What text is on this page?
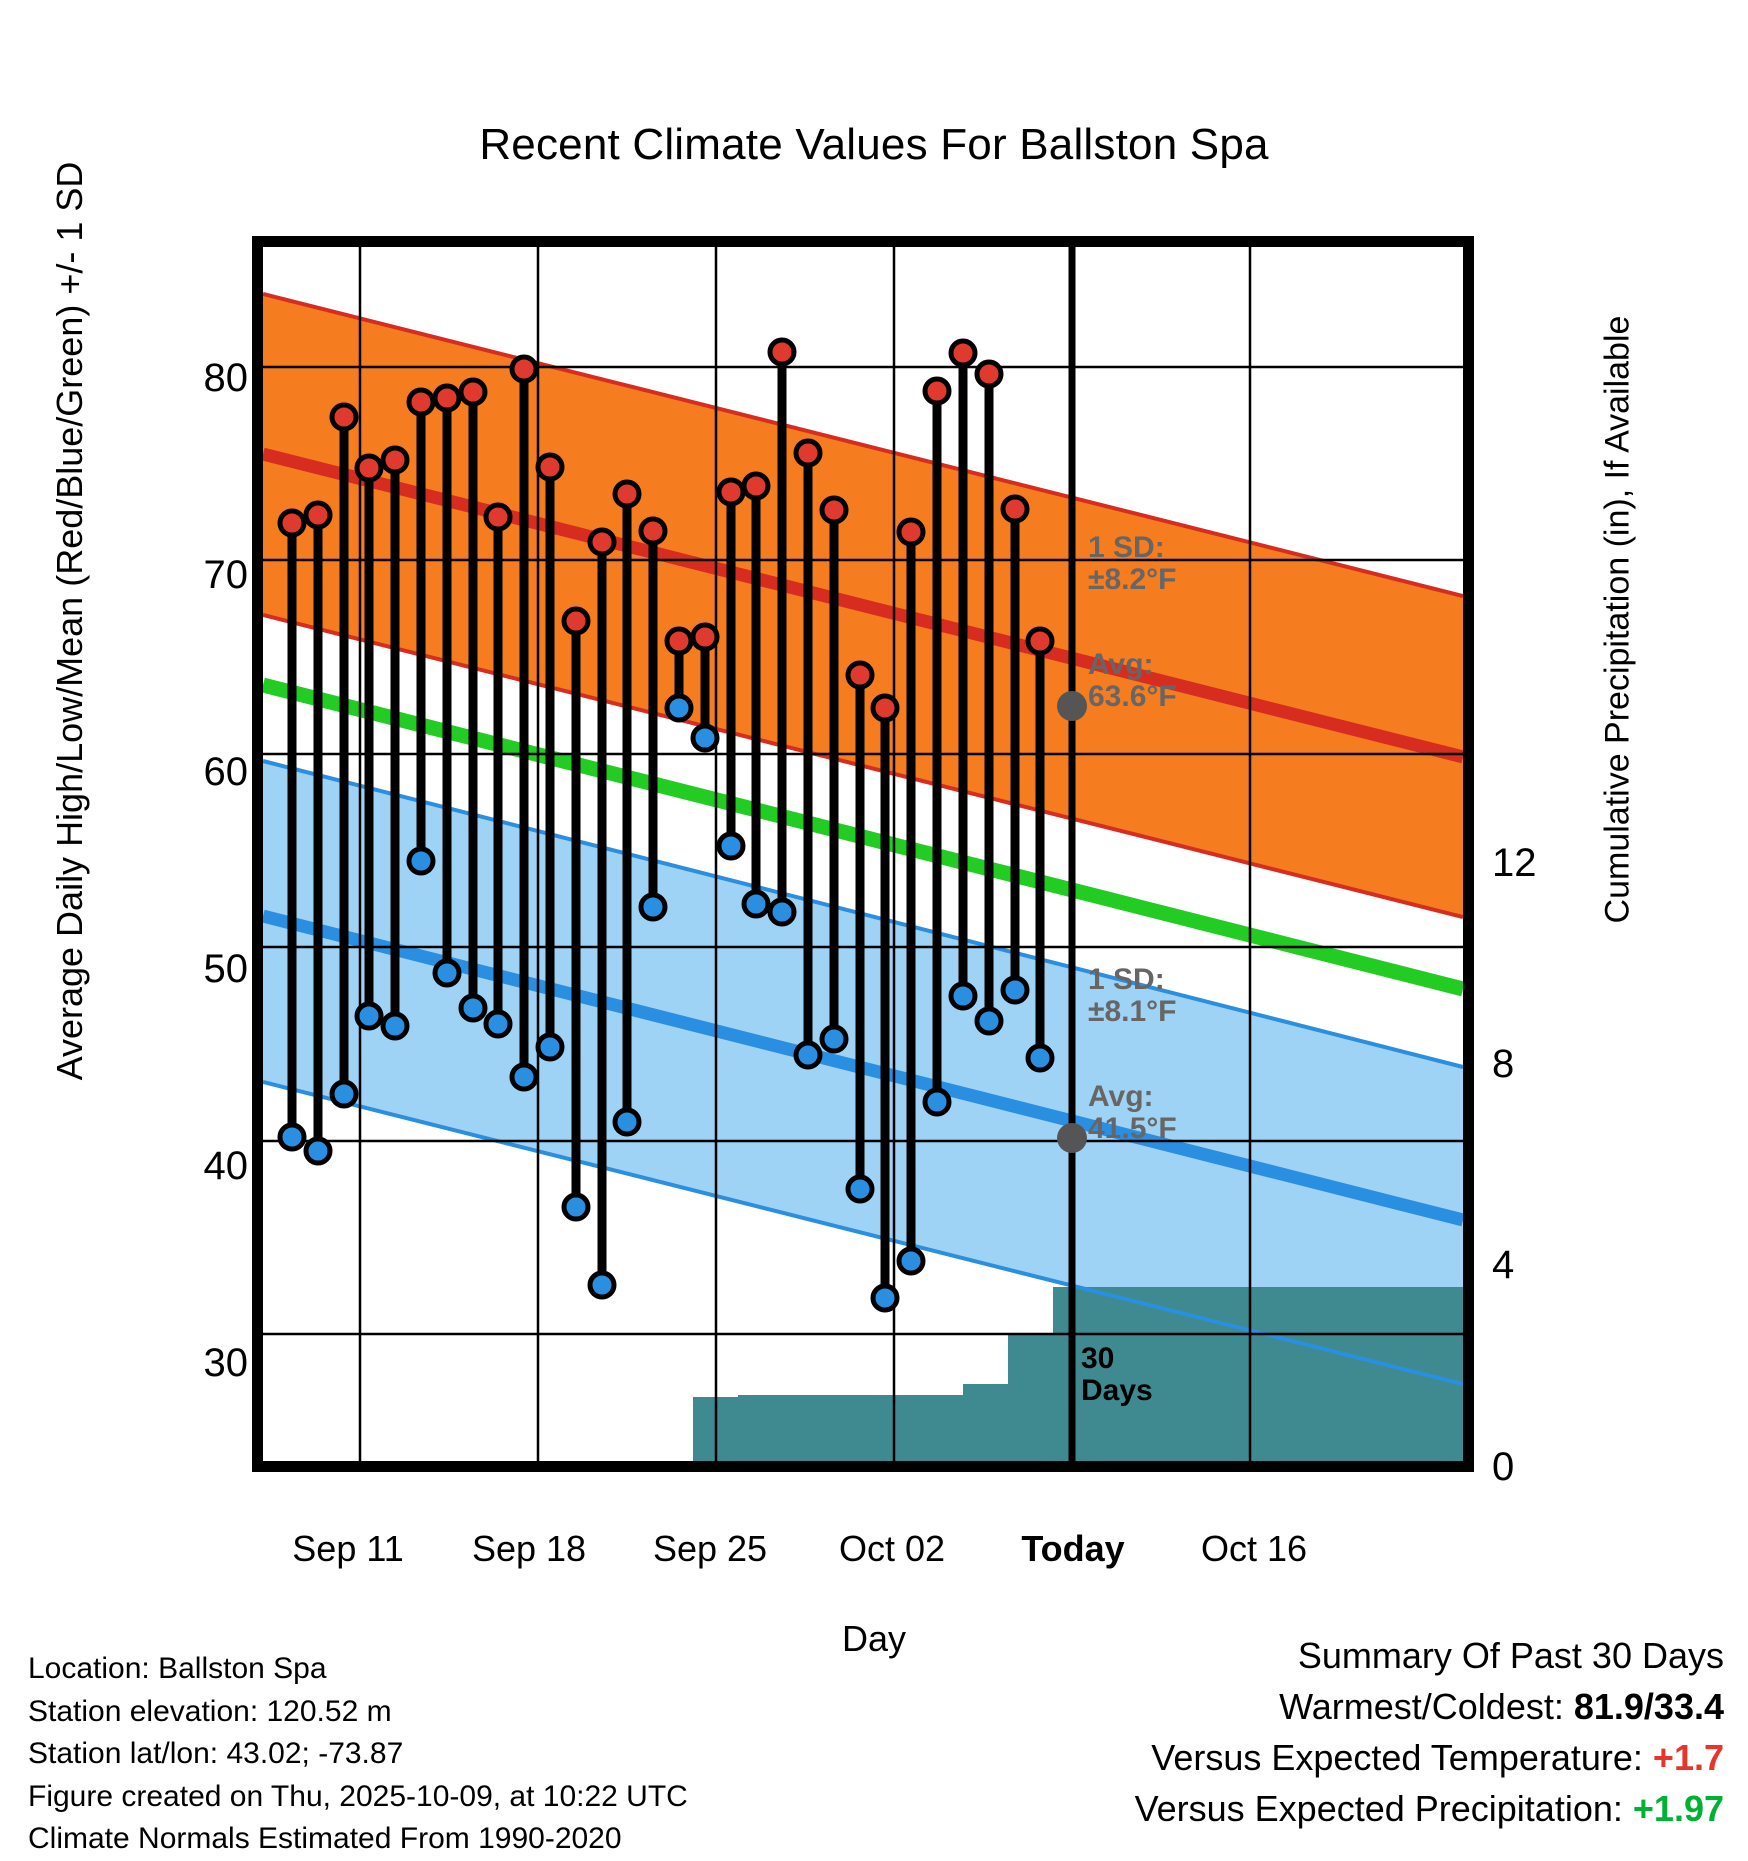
Recent Climate Values For Ballston Spa
Average Daily High/Low/Mean (Red/Blue/Green) +/- 1 SD	Cumulative Precipitation (in), If Available
Day
80
70
60
50
40
30
0
4
8
12
Sep 11	Sep 18	Sep 25	Oct 02	Today	Oct 16
1 SD:
±8.2°F
Avg:
63.6°F
1 SD:
±8.1°F
Avg:
41.5°F
30
Days
Location: Ballston Spa
Station elevation: 120.52 m
Station lat/lon: 43.02; -73.87
Figure created on Thu, 2025-10-09, at 10:22 UTC
Climate Normals Estimated From 1990-2020
Summary Of Past 30 Days
Warmest/Coldest: 81.9/33.4
Versus Expected Temperature: +1.7
Versus Expected Precipitation: +1.97
